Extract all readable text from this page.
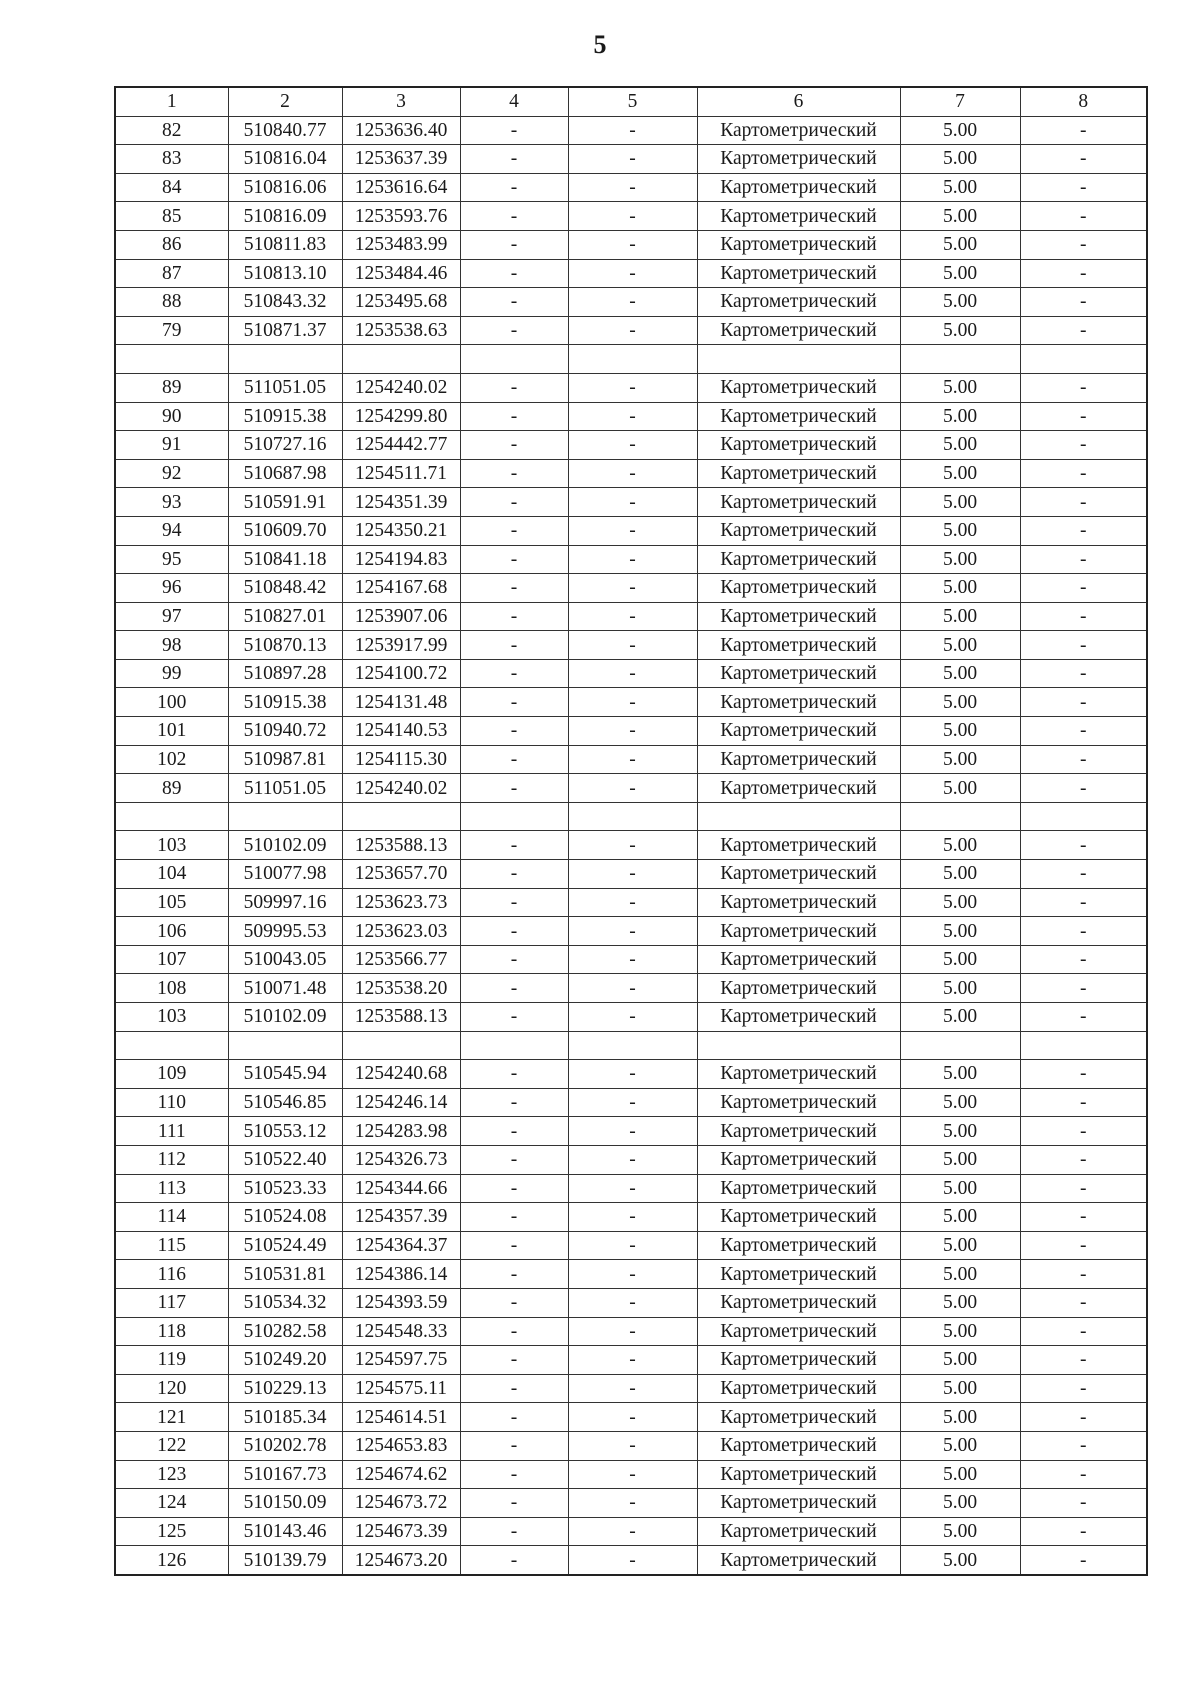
5
1	2	3	4	5	6	7	8
82	510840.77	1253636.40	-	-	Картометрический	5.00	-
83	510816.04	1253637.39	-	-	Картометрический	5.00	-
84	510816.06	1253616.64	-	-	Картометрический	5.00	-
85	510816.09	1253593.76	-	-	Картометрический	5.00	-
86	510811.83	1253483.99	-	-	Картометрический	5.00	-
87	510813.10	1253484.46	-	-	Картометрический	5.00	-
88	510843.32	1253495.68	-	-	Картометрический	5.00	-
79	510871.37	1253538.63	-	-	Картометрический	5.00	-

89	511051.05	1254240.02	-	-	Картометрический	5.00	-
90	510915.38	1254299.80	-	-	Картометрический	5.00	-
91	510727.16	1254442.77	-	-	Картометрический	5.00	-
92	510687.98	1254511.71	-	-	Картометрический	5.00	-
93	510591.91	1254351.39	-	-	Картометрический	5.00	-
94	510609.70	1254350.21	-	-	Картометрический	5.00	-
95	510841.18	1254194.83	-	-	Картометрический	5.00	-
96	510848.42	1254167.68	-	-	Картометрический	5.00	-
97	510827.01	1253907.06	-	-	Картометрический	5.00	-
98	510870.13	1253917.99	-	-	Картометрический	5.00	-
99	510897.28	1254100.72	-	-	Картометрический	5.00	-
100	510915.38	1254131.48	-	-	Картометрический	5.00	-
101	510940.72	1254140.53	-	-	Картометрический	5.00	-
102	510987.81	1254115.30	-	-	Картометрический	5.00	-
89	511051.05	1254240.02	-	-	Картометрический	5.00	-

103	510102.09	1253588.13	-	-	Картометрический	5.00	-
104	510077.98	1253657.70	-	-	Картометрический	5.00	-
105	509997.16	1253623.73	-	-	Картометрический	5.00	-
106	509995.53	1253623.03	-	-	Картометрический	5.00	-
107	510043.05	1253566.77	-	-	Картометрический	5.00	-
108	510071.48	1253538.20	-	-	Картометрический	5.00	-
103	510102.09	1253588.13	-	-	Картометрический	5.00	-

109	510545.94	1254240.68	-	-	Картометрический	5.00	-
110	510546.85	1254246.14	-	-	Картометрический	5.00	-
111	510553.12	1254283.98	-	-	Картометрический	5.00	-
112	510522.40	1254326.73	-	-	Картометрический	5.00	-
113	510523.33	1254344.66	-	-	Картометрический	5.00	-
114	510524.08	1254357.39	-	-	Картометрический	5.00	-
115	510524.49	1254364.37	-	-	Картометрический	5.00	-
116	510531.81	1254386.14	-	-	Картометрический	5.00	-
117	510534.32	1254393.59	-	-	Картометрический	5.00	-
118	510282.58	1254548.33	-	-	Картометрический	5.00	-
119	510249.20	1254597.75	-	-	Картометрический	5.00	-
120	510229.13	1254575.11	-	-	Картометрический	5.00	-
121	510185.34	1254614.51	-	-	Картометрический	5.00	-
122	510202.78	1254653.83	-	-	Картометрический	5.00	-
123	510167.73	1254674.62	-	-	Картометрический	5.00	-
124	510150.09	1254673.72	-	-	Картометрический	5.00	-
125	510143.46	1254673.39	-	-	Картометрический	5.00	-
126	510139.79	1254673.20	-	-	Картометрический	5.00	-
